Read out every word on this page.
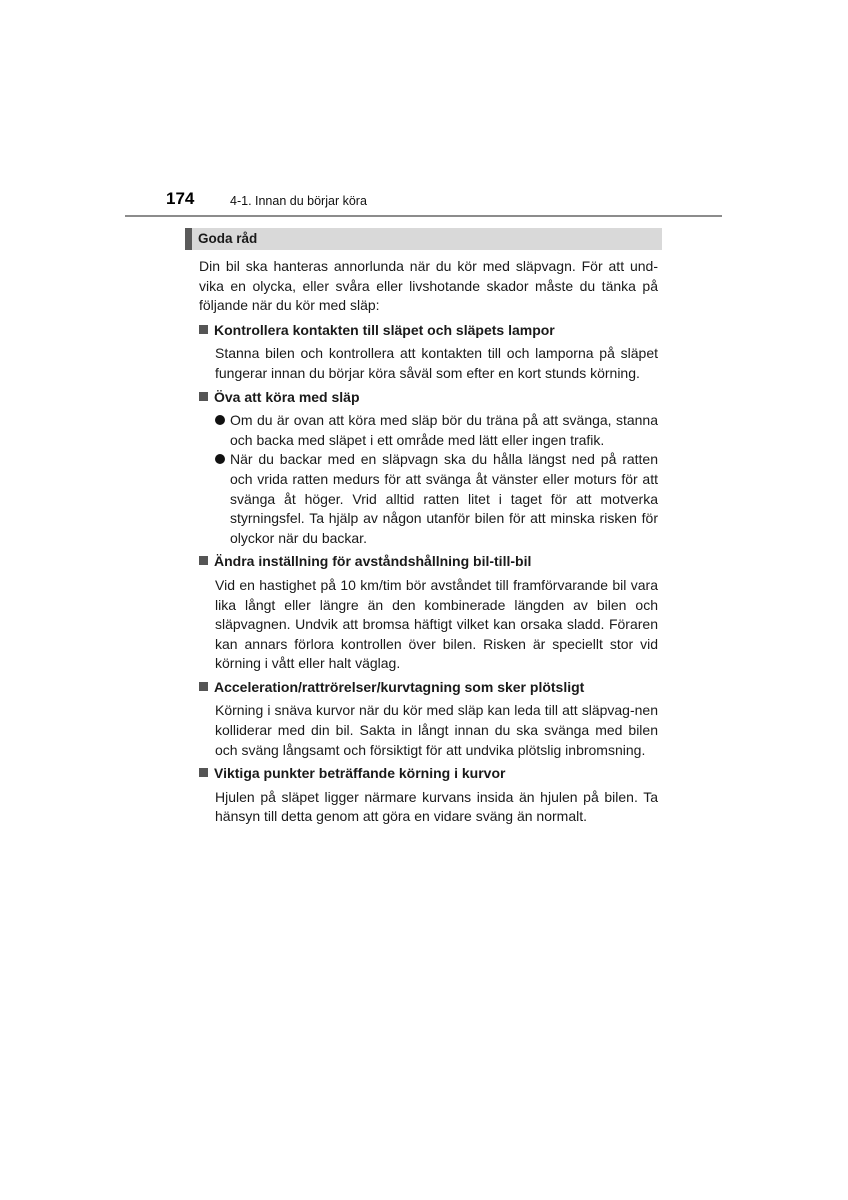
174	4-1. Innan du börjar köra
Goda råd

Din bil ska hanteras annorlunda när du kör med släpvagn. För att und-vika en olycka, eller svåra eller livshotande skador måste du tänka på följande när du kör med släp:

Kontrollera kontakten till släpet och släpets lampor

Stanna bilen och kontrollera att kontakten till och lamporna på släpet fungerar innan du börjar köra såväl som efter en kort stunds körning.

Öva att köra med släp
Om du är ovan att köra med släp bör du träna på att svänga, stanna och backa med släpet i ett område med lätt eller ingen trafik.
När du backar med en släpvagn ska du hålla längst ned på ratten och vrida ratten medurs för att svänga åt vänster eller moturs för att svänga åt höger. Vrid alltid ratten litet i taget för att motverka styrningsfel. Ta hjälp av någon utanför bilen för att minska risken för olyckor när du backar.
Ändra inställning för avståndshållning bil-till-bil

Vid en hastighet på 10 km/tim bör avståndet till framförvarande bil vara lika långt eller längre än den kombinerade längden av bilen och släpvagnen. Undvik att bromsa häftigt vilket kan orsaka sladd. Föraren kan annars förlora kontrollen över bilen. Risken är speciellt stor vid körning i vått eller halt väglag.

Acceleration/rattrörelser/kurvtagning som sker plötsligt

Körning i snäva kurvor när du kör med släp kan leda till att släpvag-nen kolliderar med din bil. Sakta in långt innan du ska svänga med bilen och sväng långsamt och försiktigt för att undvika plötslig inbromsning.

Viktiga punkter beträffande körning i kurvor

Hjulen på släpet ligger närmare kurvans insida än hjulen på bilen. Ta hänsyn till detta genom att göra en vidare sväng än normalt.
